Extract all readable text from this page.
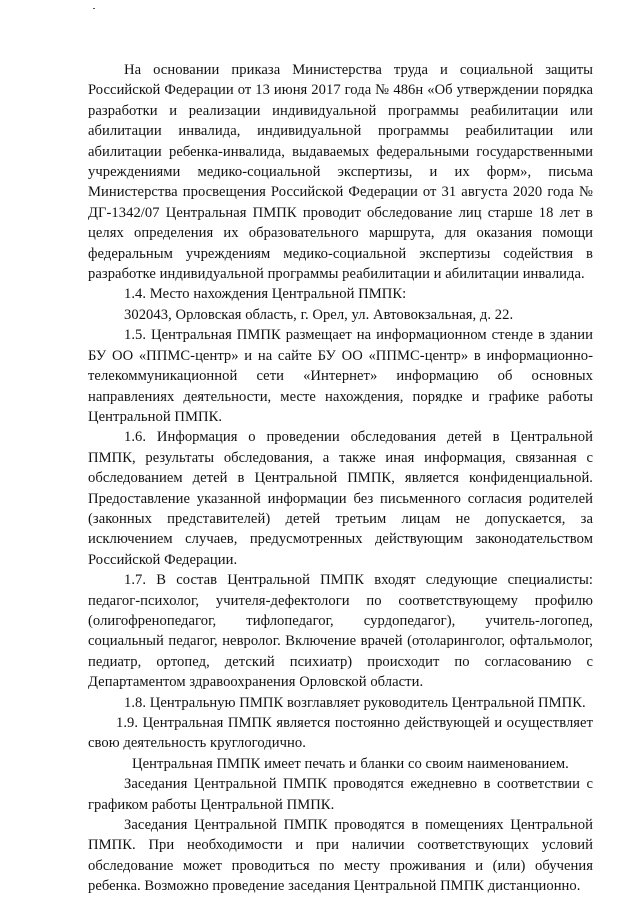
На основании приказа Министерства труда и социальной защиты Российской Федерации от 13 июня 2017 года № 486н «Об утверждении порядка разработки и реализации индивидуальной программы реабилитации или абилитации инвалида, индивидуальной программы реабилитации или абилитации ребенка-инвалида, выдаваемых федеральными государственными учреждениями медико-социальной экспертизы, и их форм», письма Министерства просвещения Российской Федерации от 31 августа 2020 года № ДГ-1342/07 Центральная ПМПК проводит обследование лиц старше 18 лет в целях определения их образовательного маршрута, для оказания помощи федеральным учреждениям медико-социальной экспертизы содействия в разработке индивидуальной программы реабилитации и абилитации инвалида.

1.4. Место нахождения Центральной ПМПК:

302043, Орловская область, г. Орел, ул. Автовокзальная, д. 22.

1.5. Центральная ПМПК размещает на информационном стенде в здании БУ ОО «ППМС-центр» и на сайте БУ ОО «ППМС-центр» в информационно-телекоммуникационной сети «Интернет» информацию об основных направлениях деятельности, месте нахождения, порядке и графике работы Центральной ПМПК.

1.6. Информация о проведении обследования детей в Центральной ПМПК, результаты обследования, а также иная информация, связанная с обследованием детей в Центральной ПМПК, является конфиденциальной. Предоставление указанной информации без письменного согласия родителей (законных представителей) детей третьим лицам не допускается, за исключением случаев, предусмотренных действующим законодательством Российской Федерации.

1.7. В состав Центральной ПМПК входят следующие специалисты: педагог-психолог, учителя-дефектологи по соответствующему профилю (олигофренопедагог, тифлопедагог, сурдопедагог), учитель-логопед, социальный педагог, невролог. Включение врачей (отоларинголог, офтальмолог, педиатр, ортопед, детский психиатр) происходит по согласованию с Департаментом здравоохранения Орловской области.

1.8. Центральную ПМПК возглавляет руководитель Центральной ПМПК.

1.9. Центральная ПМПК является постоянно действующей и осуществляет свою деятельность круглогодично.

Центральная ПМПК имеет печать и бланки со своим наименованием.

Заседания Центральной ПМПК проводятся ежедневно в соответствии с графиком работы Центральной ПМПК.

Заседания Центральной ПМПК проводятся в помещениях Центральной ПМПК. При необходимости и при наличии соответствующих условий обследование может проводиться по месту проживания и (или) обучения ребенка. Возможно проведение заседания Центральной ПМПК дистанционно.
